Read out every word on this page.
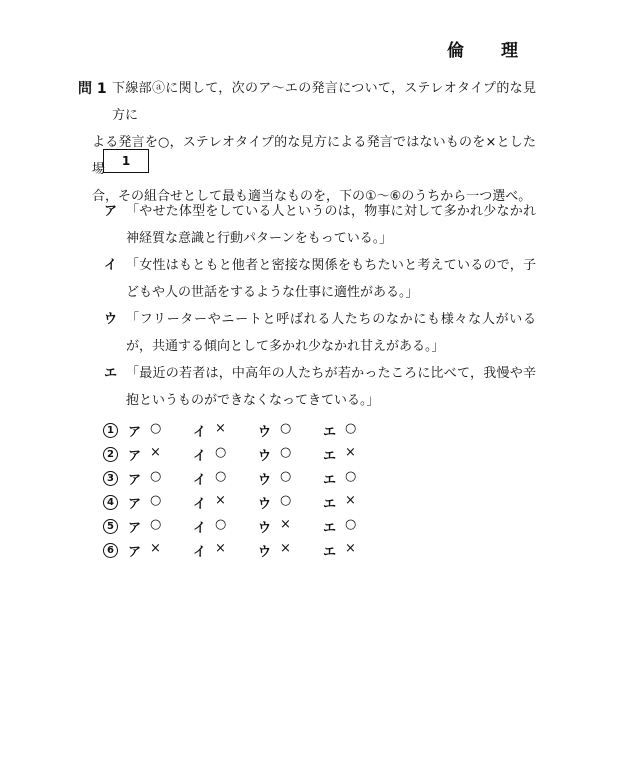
倫　理
問 1 下線部ⓐに関して，次のア～エの発言について，ステレオタイプ的な見方に
よる発言を○，ステレオタイプ的な見方による発言ではないものを×とした場
合，その組合せとして最も適当なものを，下の①～⑥のうちから一つ選べ。
1
ア 「やせた体型をしている人というのは，物事に対して多かれ少なかれ神経質な意識と行動パターンをもっている。」
イ 「女性はもともと他者と密接な関係をもちたいと考えているので，子どもや人の世話をするような仕事に適性がある。」
ウ 「フリーターやニートと呼ばれる人たちのなかにも様々な人がいるが，共通する傾向として多かれ少なかれ甘えがある。」
エ 「最近の若者は，中高年の人たちが若かったころに比べて，我慢や辛抱というものができなくなってきている。」
1	ア ○	イ ×	ウ ○	エ ○
2	ア ×	イ ○	ウ ○	エ ×
3	ア ○	イ ○	ウ ○	エ ○
4	ア ○	イ ×	ウ ○	エ ×
5	ア ○	イ ○	ウ ×	エ ○
6	ア ×	イ ×	ウ ×	エ ×
